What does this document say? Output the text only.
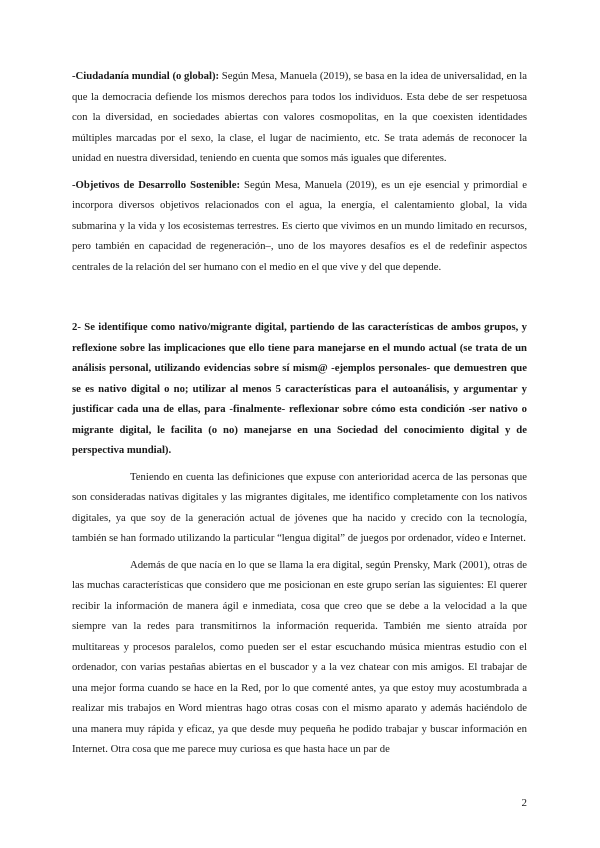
-Ciudadanía mundial (o global): Según Mesa, Manuela (2019), se basa en la idea de universalidad, en la que la democracia defiende los mismos derechos para todos los individuos. Esta debe de ser respetuosa con la diversidad, en sociedades abiertas con valores cosmopolitas, en la que coexisten identidades múltiples marcadas por el sexo, la clase, el lugar de nacimiento, etc. Se trata además de reconocer la unidad en nuestra diversidad, teniendo en cuenta que somos más iguales que diferentes.

-Objetivos de Desarrollo Sostenible: Según Mesa, Manuela (2019), es un eje esencial y primordial e incorpora diversos objetivos relacionados con el agua, la energía, el calentamiento global, la vida submarina y la vida y los ecosistemas terrestres. Es cierto que vivimos en un mundo limitado en recursos, pero también en capacidad de regeneración–, uno de los mayores desafíos es el de redefinir aspectos centrales de la relación del ser humano con el medio en el que vive y del que depende.

2- Se identifique como nativo/migrante digital, partiendo de las características de ambos grupos, y reflexione sobre las implicaciones que ello tiene para manejarse en el mundo actual (se trata de un análisis personal, utilizando evidencias sobre sí mism@ -ejemplos personales- que demuestren que se es nativo digital o no; utilizar al menos 5 características para el autoanálisis, y argumentar y justificar cada una de ellas, para -finalmente- reflexionar sobre cómo esta condición -ser nativo o migrante digital, le facilita (o no) manejarse en una Sociedad del conocimiento digital y de perspectiva mundial).

Teniendo en cuenta las definiciones que expuse con anterioridad acerca de las personas que son consideradas nativas digitales y las migrantes digitales, me identifico completamente con los nativos digitales, ya que soy de la generación actual de jóvenes que ha nacido y crecido con la tecnología, también se han formado utilizando la particular “lengua digital” de juegos por ordenador, vídeo e Internet.

Además de que nacía en lo que se llama la era digital, según Prensky, Mark (2001), otras de las muchas características que considero que me posicionan en este grupo serían las siguientes: El querer recibir la información de manera ágil e inmediata, cosa que creo que se debe a la velocidad a la que siempre van la redes para transmitirnos la información requerida. También me siento atraída por multitareas y procesos paralelos, como pueden ser el estar escuchando música mientras estudio con el ordenador, con varias pestañas abiertas en el buscador y a la vez chatear con mis amigos. El trabajar de una mejor forma cuando se hace en la Red, por lo que comenté antes, ya que estoy muy acostumbrada a realizar mis trabajos en Word mientras hago otras cosas con el mismo aparato y además haciéndolo de una manera muy rápida y eficaz, ya que desde muy pequeña he podido trabajar y buscar información en Internet. Otra cosa que me parece muy curiosa es que hasta hace un par de

2
